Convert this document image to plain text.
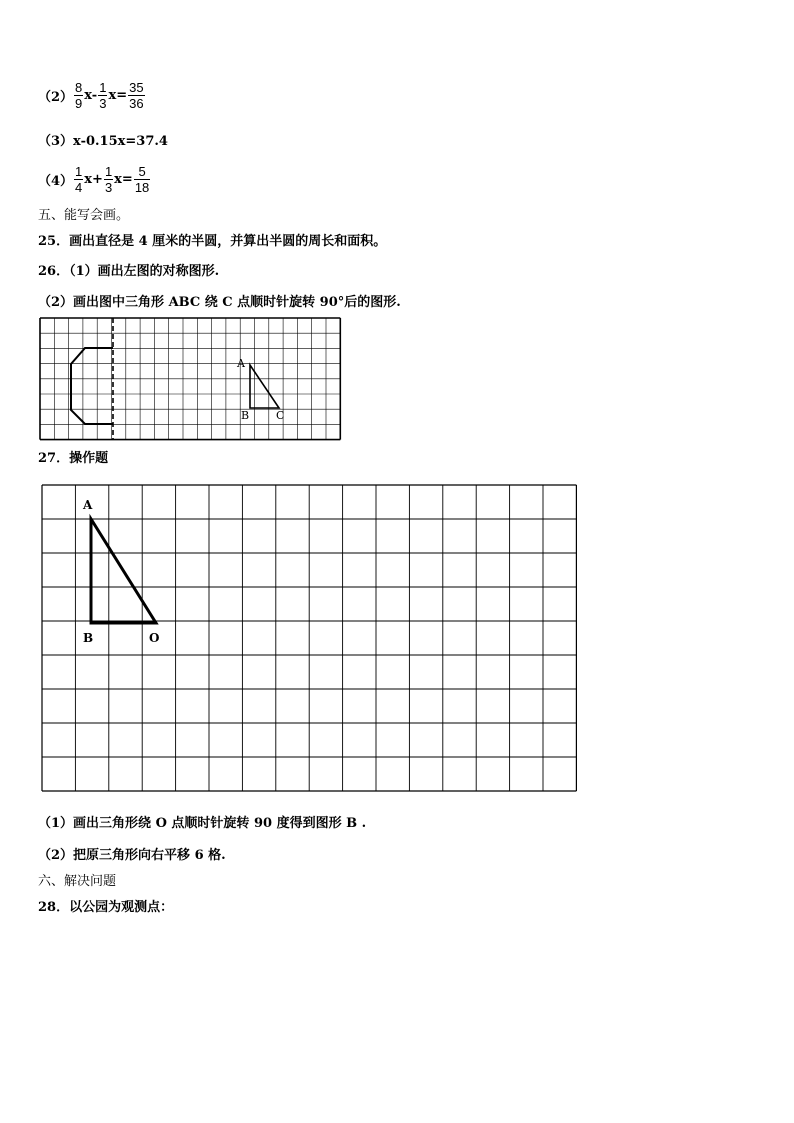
$(2) \frac{8}{9} x- \frac{1}{3} x= \frac{35}{36}$
（3）x-0.15x=37.4
$(4) \frac{1}{4} x+ \frac{1}{3} x= \frac{5}{18}$
五、能写会画。
25．画出直径是 4 厘米的半圆，并算出半圆的周长和面积。
26．（1）画出左图的对称图形.
（2）画出图中三角形 ABC 绕 C 点顺时针旋转 90°后的图形.
A
B C
27．操作题
A
B	O
（1）画出三角形绕 O 点顺时针旋转 90 度得到图形 B .
（2）把原三角形向右平移 6 格.
六、解决问题
28．以公园为观测点：
